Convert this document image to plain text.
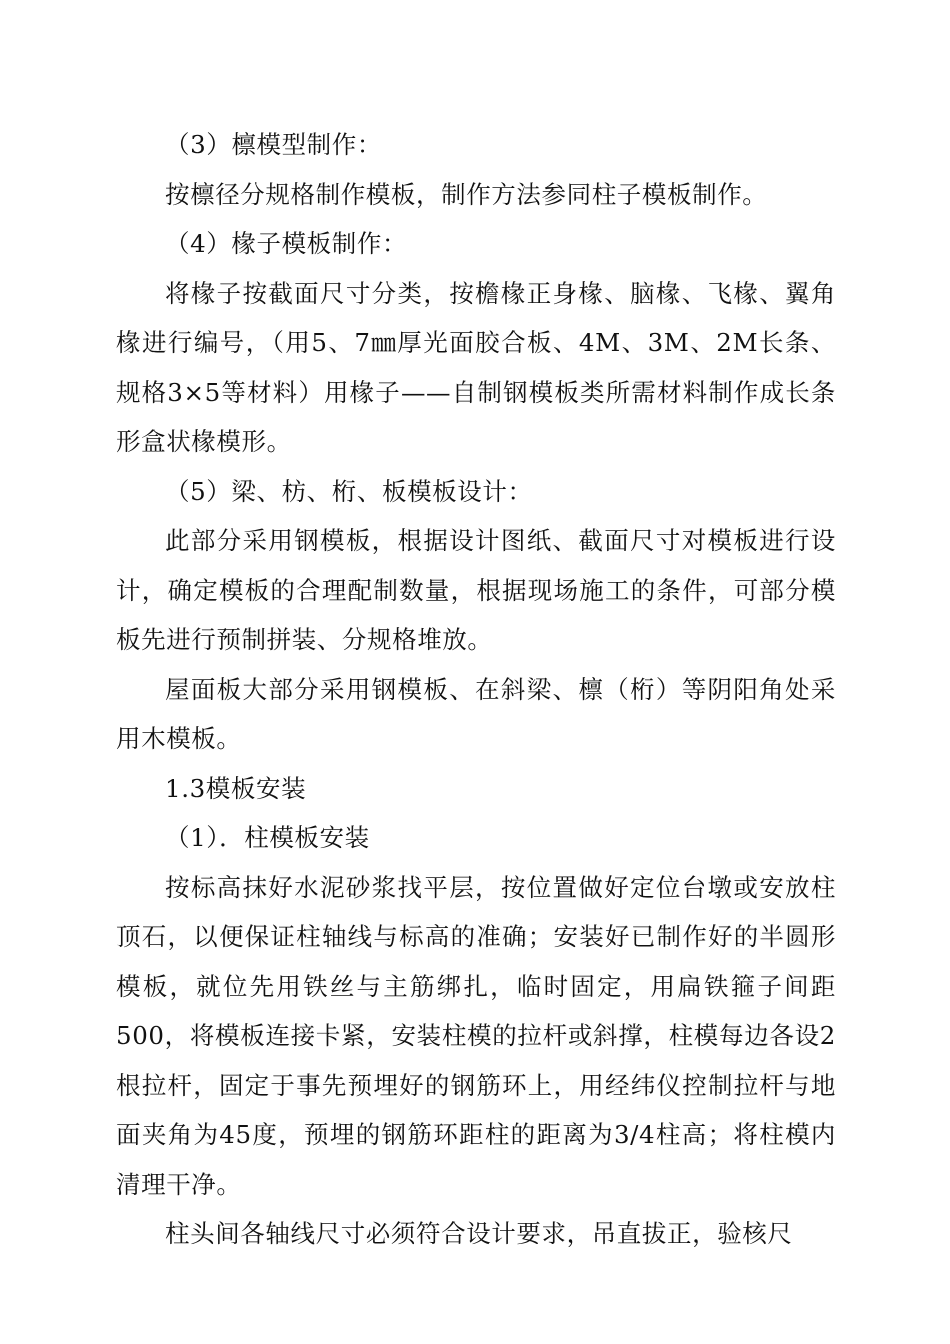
（3）檩模型制作：

按檩径分规格制作模板，制作方法参同柱子模板制作。

（4）椽子模板制作：

将椽子按截面尺寸分类，按檐椽正身椽、脑椽、飞椽、翼角椽进行编号，（用5、7㎜厚光面胶合板、4M、3M、2M长条、规格3×5等材料）用椽子——自制钢模板类所需材料制作成长条形盒状椽模形。

（5）梁、枋、桁、板模板设计：

此部分采用钢模板，根据设计图纸、截面尺寸对模板进行设计，确定模板的合理配制数量，根据现场施工的条件，可部分模板先进行预制拼装、分规格堆放。

屋面板大部分采用钢模板、在斜梁、檩（桁）等阴阳角处采用木模板。

1.3模板安装

（1）．柱模板安装

按标高抹好水泥砂浆找平层，按位置做好定位台墩或安放柱顶石，以便保证柱轴线与标高的准确；安装好已制作好的半圆形模板，就位先用铁丝与主筋绑扎，临时固定，用扁铁箍子间距500，将模板连接卡紧，安装柱模的拉杆或斜撑，柱模每边各设2根拉杆，固定于事先预埋好的钢筋环上，用经纬仪控制拉杆与地面夹角为45度，预埋的钢筋环距柱的距离为3/4柱高；将柱模内清理干净。

柱头间各轴线尺寸必须符合设计要求，吊直拔正，验核尺
